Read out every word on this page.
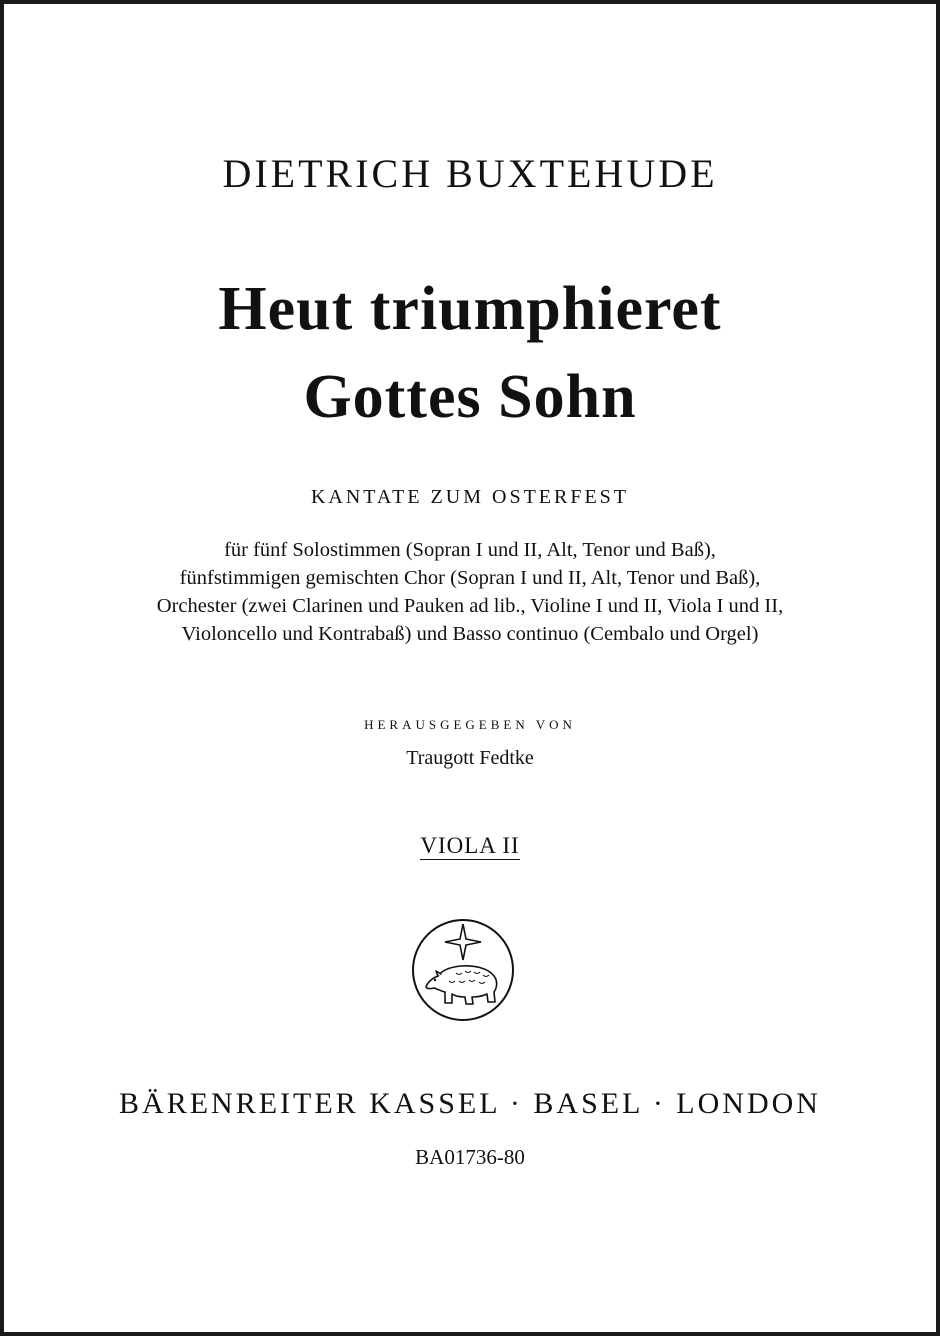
DIETRICH BUXTEHUDE
Heut triumphieret
Gottes Sohn
KANTATE ZUM OSTERFEST
für fünf Solostimmen (Sopran I und II, Alt, Tenor und Baß),
fünfstimmigen gemischten Chor (Sopran I und II, Alt, Tenor und Baß),
Orchester (zwei Clarinen und Pauken ad lib., Violine I und II, Viola I und II,
Violoncello und Kontrabaß) und Basso continuo (Cembalo und Orgel)
HERAUSGEGEBEN VON
Traugott Fedtke
VIOLA II
BÄRENREITER KASSEL · BASEL · LONDON
BA01736-80
